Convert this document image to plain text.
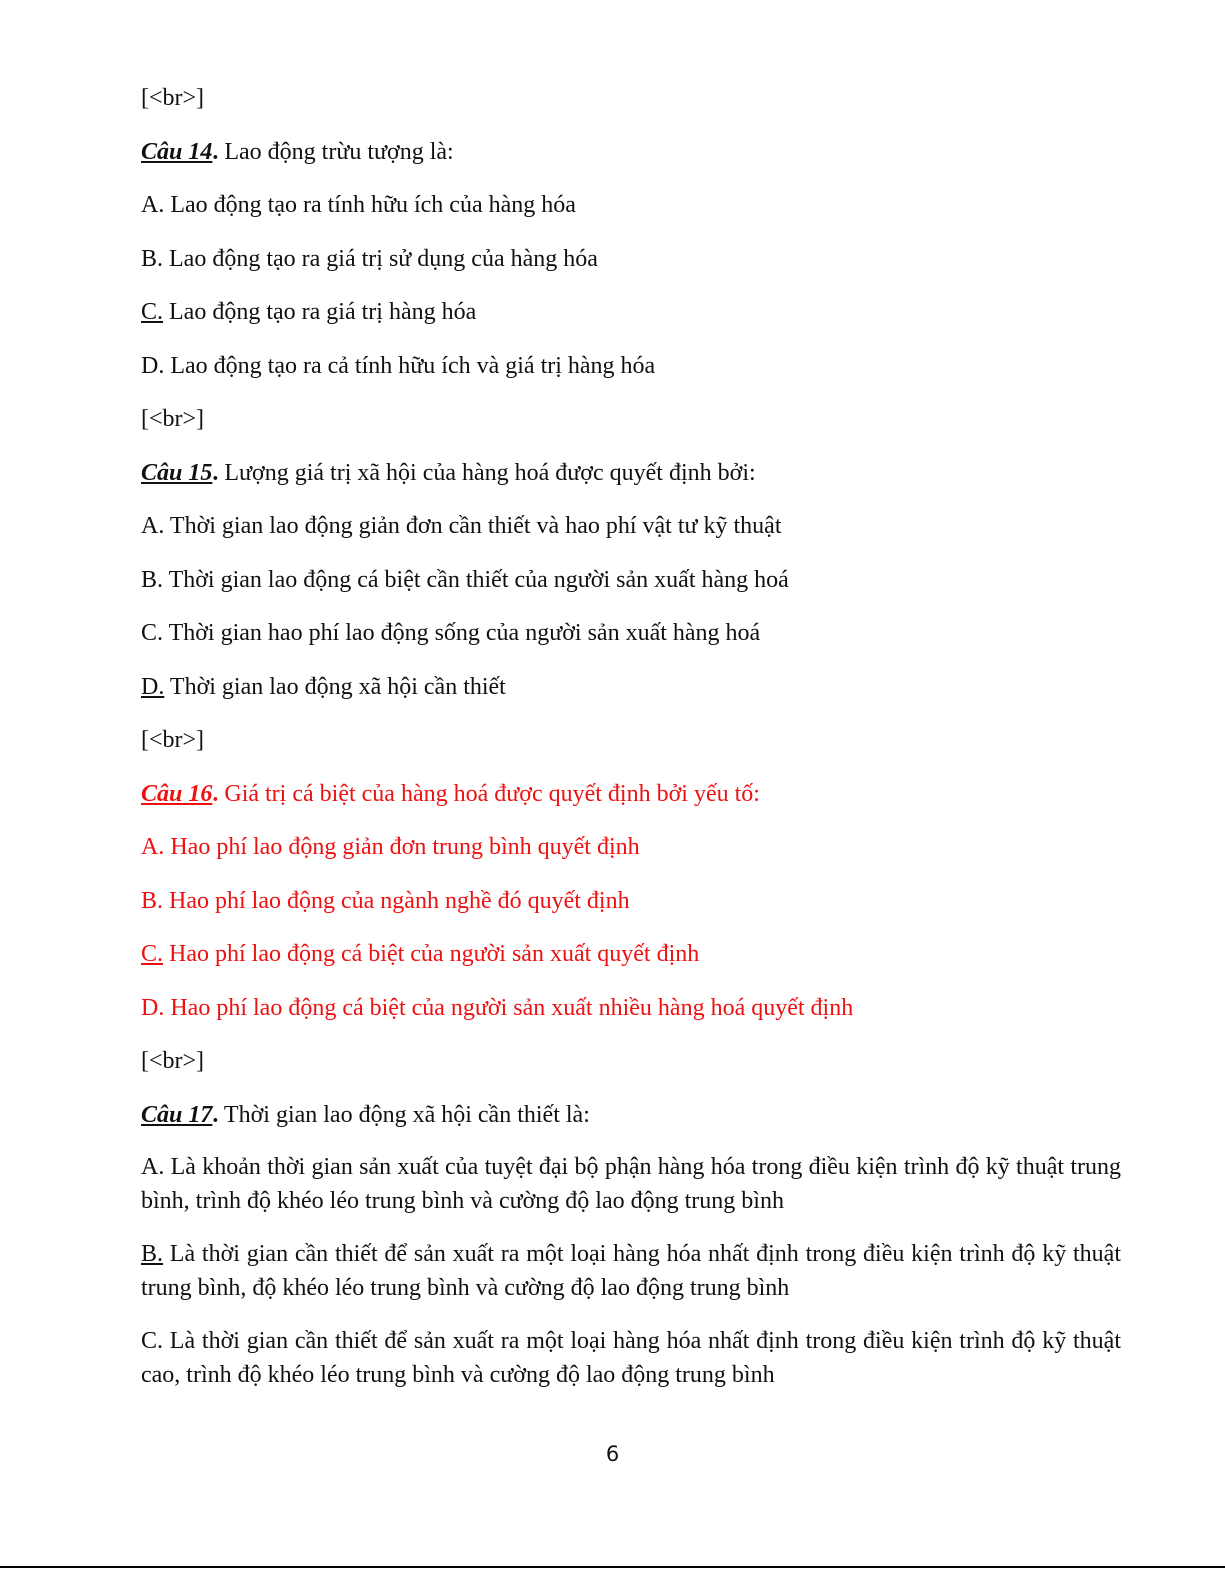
[<br>]
Câu 14. Lao động trừu tượng là:
A. Lao động tạo ra tính hữu ích của hàng hóa
B. Lao động tạo ra giá trị sử dụng của hàng hóa
C. Lao động tạo ra giá trị hàng hóa
D. Lao động tạo ra cả tính hữu ích và giá trị hàng hóa
[<br>]
Câu 15. Lượng giá trị xã hội của hàng hoá được quyết định bởi:
A. Thời gian lao động giản đơn cần thiết và hao phí vật tư kỹ thuật
B. Thời gian lao động cá biệt cần thiết của người sản xuất hàng hoá
C. Thời gian hao phí lao động sống của người sản xuất hàng hoá
D. Thời gian lao động xã hội cần thiết
[<br>]
Câu 16. Giá trị cá biệt của hàng hoá được quyết định bởi yếu tố:
A. Hao phí lao động giản đơn trung bình quyết định
B. Hao phí lao động của ngành nghề đó quyết định
C. Hao phí lao động cá biệt của người sản xuất quyết định
D. Hao phí lao động cá biệt của người sản xuất nhiều hàng hoá quyết định
[<br>]
Câu 17. Thời gian lao động xã hội cần thiết là:
A. Là khoản thời gian sản xuất của tuyệt đại bộ phận hàng hóa trong điều kiện trình độ kỹ thuật trung bình, trình độ khéo léo trung bình và cường độ lao động trung bình
B. Là thời gian cần thiết để sản xuất ra một loại hàng hóa nhất định trong điều kiện trình độ kỹ thuật trung bình, độ khéo léo trung bình và cường độ lao động trung bình
C. Là thời gian cần thiết để sản xuất ra một loại hàng hóa nhất định trong điều kiện trình độ kỹ thuật cao, trình độ khéo léo trung bình và cường độ lao động trung bình
6
